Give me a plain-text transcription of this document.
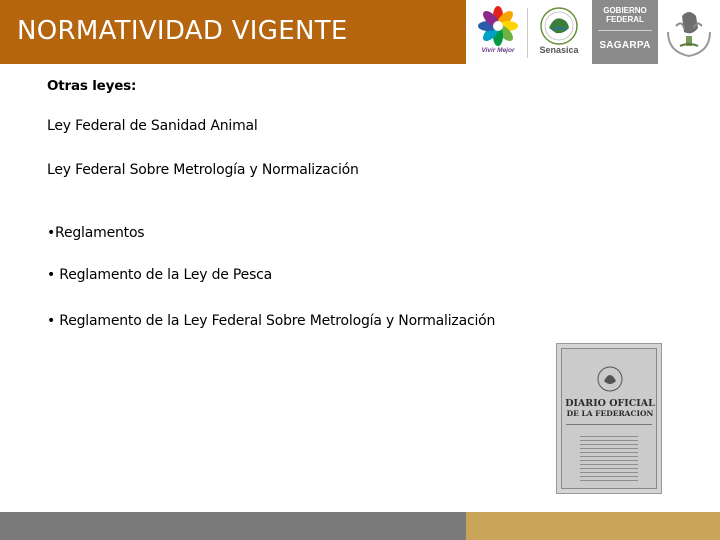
NORMATIVIDAD VIGENTE
Vivir Mejor	Senasica
GOBIERNO
FEDERAL
SAGARPA
Otras leyes:
Ley Federal de Sanidad Animal
Ley Federal Sobre Metrología y Normalización
•Reglamentos
• Reglamento de la Ley de Pesca
• Reglamento de la Ley Federal Sobre Metrología y Normalización
DIARIO OFICIAL
DE LA FEDERACION
